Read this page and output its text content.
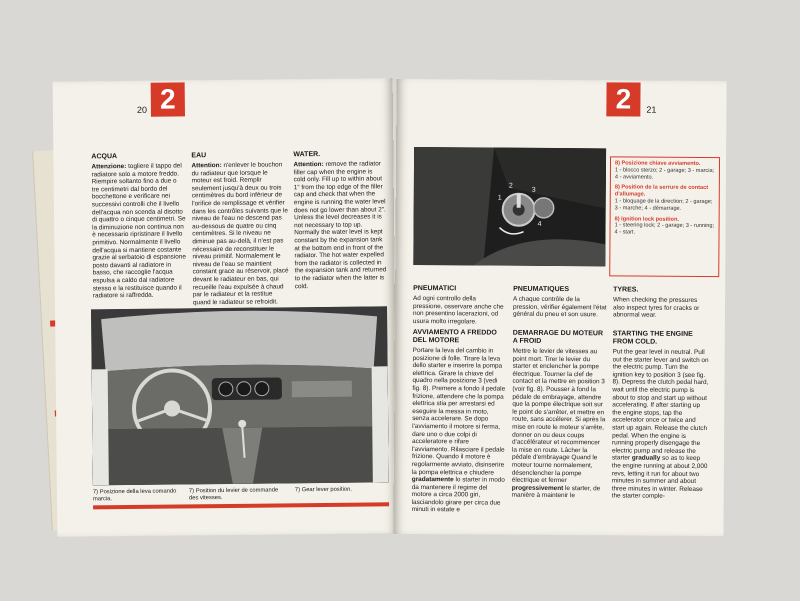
20 2
ACQUA

Attenzione: togliere il tappo del radiatore solo a motore freddo. Riempire soltanto fino a due o tre centimetri dal bordo del bocchettone e verificare nei successivi controlli che il livello dell'acqua non scenda al disotto di quattro o cinque centimetri. Se la diminuzione non continua non è necessario ripristinare il livello primitivo. Normalmente il livello dell'acqua si mantiene costante grazie al serbatoio di espansione posto davanti al radiatore in basso, che raccoglie l'acqua espulsa a caldo dal radiatore stesso e la restituisce quando il radiatore si raffredda.

EAU

Attention: n'enlever le bouchon du radiateur que lorsque le moteur est froid. Remplir seulement jusqu'à deux ou trois centimètres du bord inférieur de l'orifice de remplissage et vérifier dans les contrôles suivants que le niveau de l'eau ne descend pas au-dessous de quatre ou cinq centimètres. Si le niveau ne diminue pas au-delà, il n'est pas nécessaire de reconstituer le niveau primitif. Normalement le niveau de l'eau se maintient constant grace au réservoir, placé devant le radiateur en bas, qui recueille l'eau expulsée à chaud par le radiateur et la restitue quand le radiateur se refroidit.

WATER.

Attention: remove the radiator filler cap when the engine is cold only. Fill up to within about 1" from the top edge of the filler cap and check that when the engine is running the water level does not go lower than about 2". Unless the level decreases it is not necessary to top up. Normally the water level is kept constant by the expansion tank at the bottom end in front of the radiator. The hot water expelled from the radiator is collected in the expansion tank and returned to the radiator when the latter is cold.

7) Posizione della leva comando marcia.
7) Position du levier de commande des vitesses.
7) Gear lever position.
2	21
1
2
3
4
8) Posizione chiave avviamento.
1 - blocco sterzo; 2 - garage; 3 - marcia; 4 - avviamento.
8) Position de la serrure de contact d'allumage.
1 - bloquage de la direction; 2 - garage; 3 - marche; 4 - démarrage.
8) Ignition lock position.
1 - steering lock; 2 - garage; 3 - running; 4 - start.
PNEUMATICI

Ad ogni controllo della pressione, osservare anche che non presentino lacerazioni, od usura molto irregolare.

PNEUMATIQUES

A chaque contrôle de la pression, vérifier également l'état général du pneu et son usure.

TYRES.

When checking the pressures also inspect tyres for cracks or abnormal wear.

AVVIAMENTO A FREDDO DEL MOTORE

Portare la leva del cambio in posizione di folle. Tirare la leva dello starter e inserire la pompa elettrica. Girare la chiave del quadro nella posizione 3 (vedi fig. 8). Premere a fondo il pedale frizione, attendere che la pompa elettrica stia per arrestarsi ed eseguire la messa in moto, senza accelerare. Se dopo l'avviamento il motore si ferma, dare uno o due colpi di acceleratore e rifare l'avviamento. Rilasciare il pedale frizione. Quando il motore è regolarmente avviato, disinserire la pompa elettrica e chiudere gradatamente lo starter in modo da mantenere il regime del motore a circa 2000 giri, lasciandolo girare per circa due minuti in estate e

DEMARRAGE DU MOTEUR A FROID

Mettre le levier de vitesses au point mort. Tirer le levier du starter et enclencher la pompe électrique. Tourner la clef de contact et la mettre en position 3 (voir fig. 8). Pousser à fond la pédale de embrayage, attendre que la pompe électrique soit sur le point de s'arrêter, et mettre en route, sans accélerer. Si après la mise en route le moteur s'arrête, donner on ou deux coups d'accélérateur et recommencer la mise en route. Lâcher la pédale d'embrayage Quand le moteur tourne normalement, désenclencher la pompe électrique et fermer progressivement le starter, de manière à maintenir le

STARTING THE ENGINE FROM COLD.

Put the gear level in neutral. Pull out the starter lever and switch on the electric pump. Turn the ignition key to position 3 (see fig. 8). Depress the clutch pedal hard, wait until the electric pump is about to stop and start up without accelerating. If after starting up the engine stops, tap the accelerator once or twice and start up again. Release the clutch pedal. When the engine is running properly disengage the electric pump and release the starter gradually so as to keep the engine running at about 2,000 revs, letting it run for about two minutes in summer and about three minutes in winter. Release the starter comple-
